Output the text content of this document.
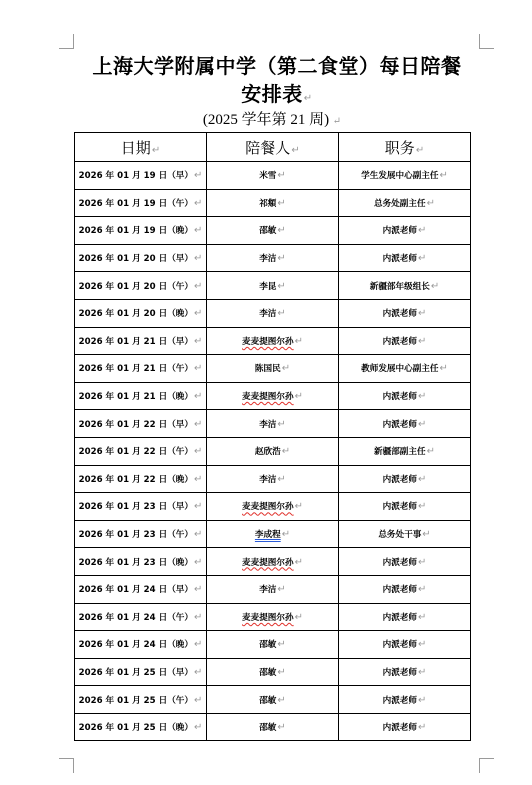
上海大学附属中学（第二食堂）每日陪餐
安排表↵
(2025 学年第 21 周) ↵
日期↵	陪餐人↵	职务↵
2026 年 01 月 19 日（早）↵	米雪↵	学生发展中心副主任↵
2026 年 01 月 19 日（午）↵	祁頫↵	总务处副主任↵
2026 年 01 月 19 日（晚）↵	邵敏↵	内派老师↵
2026 年 01 月 20 日（早）↵	李洁↵	内派老师↵
2026 年 01 月 20 日（午）↵	李昆↵	新疆部年级组长↵
2026 年 01 月 20 日（晚）↵	李洁↵	内派老师↵
2026 年 01 月 21 日（早）↵	麦麦提图尔孙↵	内派老师↵
2026 年 01 月 21 日（午）↵	陈国民↵	教师发展中心副主任↵
2026 年 01 月 21 日（晚）↵	麦麦提图尔孙↵	内派老师↵
2026 年 01 月 22 日（早）↵	李洁↵	内派老师↵
2026 年 01 月 22 日（午）↵	赵欣浩↵	新疆部副主任↵
2026 年 01 月 22 日（晚）↵	李洁↵	内派老师↵
2026 年 01 月 23 日（早）↵	麦麦提图尔孙↵	内派老师↵
2026 年 01 月 23 日（午）↵	李成程↵	总务处干事↵
2026 年 01 月 23 日（晚）↵	麦麦提图尔孙↵	内派老师↵
2026 年 01 月 24 日（早）↵	李洁↵	内派老师↵
2026 年 01 月 24 日（午）↵	麦麦提图尔孙↵	内派老师↵
2026 年 01 月 24 日（晚）↵	邵敏↵	内派老师↵
2026 年 01 月 25 日（早）↵	邵敏↵	内派老师↵
2026 年 01 月 25 日（午）↵	邵敏↵	内派老师↵
2026 年 01 月 25 日（晚）↵	邵敏↵	内派老师↵
